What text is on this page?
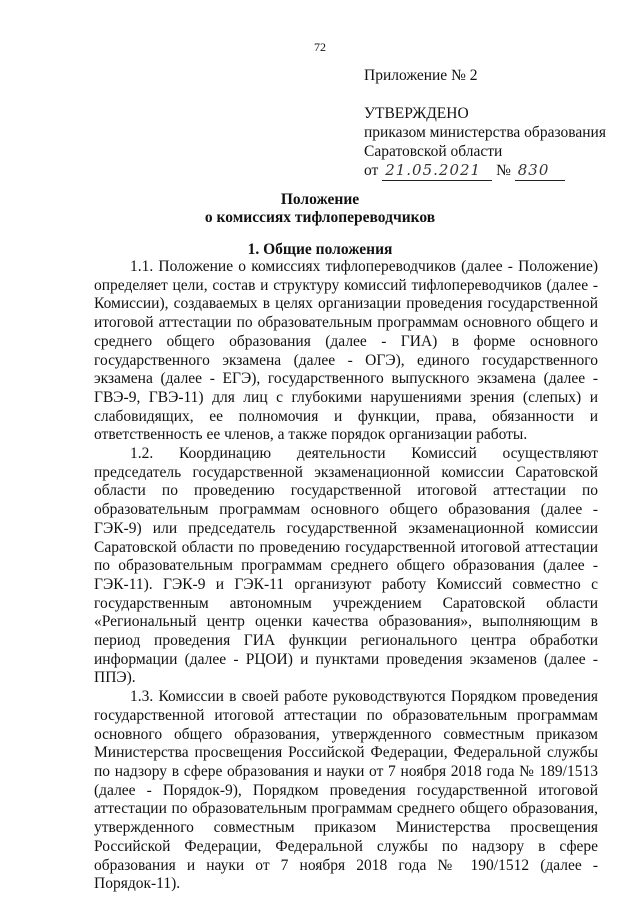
72
Приложение № 2
УТВЕРЖДЕНО
приказом министерства образования
Саратовской области
от 21.05.2021 № 830
Положение
о комиссиях тифлопереводчиков
1. Общие положения

1.1. Положение о комиссиях тифлопереводчиков (далее - Положение) определяет цели, состав и структуру комиссий тифлопереводчиков (далее - Комиссии), создаваемых в целях организации проведения государственной итоговой аттестации по образовательным программам основного общего и среднего общего образования (далее - ГИА) в форме основного государственного экзамена (далее - ОГЭ), единого государственного экзамена (далее - ЕГЭ), государственного выпускного экзамена (далее - ГВЭ-9, ГВЭ-11) для лиц с глубокими нарушениями зрения (слепых) и слабовидящих, ее полномочия и функции, права, обязанности и ответственность ее членов, а также порядок организации работы.

1.2. Координацию деятельности Комиссий осуществляют председатель государственной экзаменационной комиссии Саратовской области по проведению государственной итоговой аттестации по образовательным программам основного общего образования (далее - ГЭК-9) или председатель государственной экзаменационной комиссии Саратовской области по проведению государственной итоговой аттестации по образовательным программам среднего общего образования (далее - ГЭК-11). ГЭК-9 и ГЭК-11 организуют работу Комиссий совместно с государственным автономным учреждением Саратовской области «Региональный центр оценки качества образования», выполняющим в период проведения ГИА функции регионального центра обработки информации (далее - РЦОИ) и пунктами проведения экзаменов (далее - ППЭ).

1.3. Комиссии в своей работе руководствуются Порядком проведения государственной итоговой аттестации по образовательным программам основного общего образования, утвержденного совместным приказом Министерства просвещения Российской Федерации, Федеральной службы по надзору в сфере образования и науки от 7 ноября 2018 года № 189/1513 (далее - Порядок-9), Порядком проведения государственной итоговой аттестации по образовательным программам среднего общего образования, утвержденного совместным приказом Министерства просвещения Российской Федерации, Федеральной службы по надзору в сфере образования и науки от 7 ноября 2018 года № 190/1512 (далее - Порядок-11).
